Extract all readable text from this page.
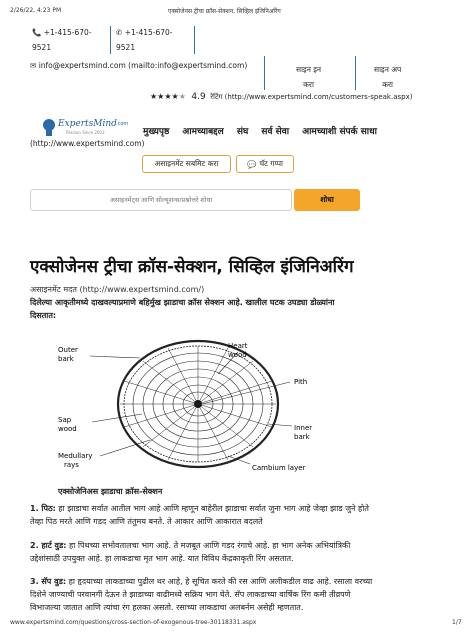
2/26/22, 4:23 PM	एक्सोजेनस ट्रीचा क्रॉस-सेक्शन, सिव्हिल इंजिनिअरिंग
📞 +1-415-670-
9521
✆ +1-415-670-
9521
✉ info@expertsmind.com (mailto:info@expertsmind.com)	साइन इन
करा
साइन अप
करा
★★★★★ 4.9 रेटिंग (http://www.expertsmind.com/customers-speak.aspx)
ExpertsMind .com
Passion Since 2003	मुख्यपृष्ठ आमच्याबद्दल संघ सर्व सेवा आमच्याशी संपर्क साधा
(http://www.expertsmind.com)
असाइनमेंट सबमिट करा	💬 चॅट गप्पा
असाइनमेंट्स आणि सोल्यूशन्स/प्रश्नोत्तरे शोधा
शोधा
एक्सोजेनस ट्रीचा क्रॉस-सेक्शन, सिव्हिल इंजिनिअरिंग
असाइनमेंट मदत (http://www.expertsmind.com/)
दिलेल्या आकृतीमध्ये दाखवल्याप्रमाणे बहिर्मुख झाडाचा क्रॉस सेक्शन आहे. खालील घटक उघड्या डोळ्यांना
दिसतात:
Outer
bark
Heart
wood
Pith
Sap
wood	Inner
bark
Medullary
rays	Cambium layer
एक्सोजेनिअस झाडाचा क्रॉस-सेक्शन
1. पिठ: हा झाडाचा सर्वात आतील भाग आहे आणि म्हणून बाहेरील झाडाचा सर्वात जुना भाग आहे जेव्हा झाड जुने होते
तेव्हा पिठ मरते आणि गडद आणि तंतुमय बनते. ते आकार आणि आकारात बदलते
2. हार्ट वुड: हा पिथच्या सभोवतालचा भाग आहे. ते मजबूत आणि गडद रंगाचे आहे. हा भाग अनेक अभियांत्रिकी
उद्देशांसाठी उपयुक्त आहे. हा लाकडाचा मृत भाग आहे. यात विविध केंद्रकाकृती रिंग असतात.
3. सॅप वुड: हा हृदयाच्या लाकडाच्या पुढील थर आहे, हे सूचित करते की रस आणि अलीकडील वाढ आहे. रसाला वरच्या
दिशेने जाण्याची परवानगी देऊन ते झाडाच्या वाढीमध्ये सक्रिय भाग घेते. सॅप लाकडाच्या वार्षिक रिंग कमी तीव्रपणे
विभाजल्या जातात आणि त्यांचा रंग हलका असतो. रसाच्या लाकडाचा अलबर्नम असेही म्हणतात.
www.expertsmind.com/questions/cross-section-of-exogenous-tree-30118331.aspx	1/7
